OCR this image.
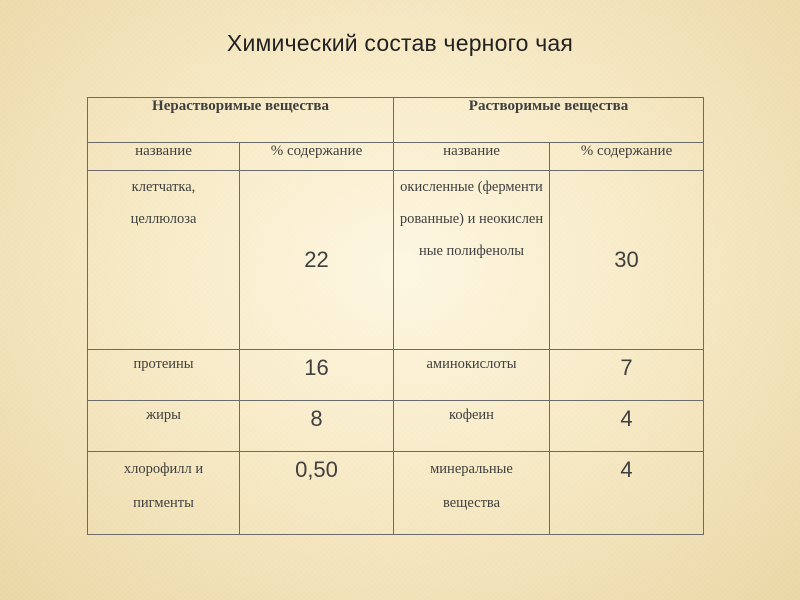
Химический состав черного чая
Нерастворимые вещества		Растворимые вещества	
название	% содержание	название	% содержание
клетчатка, целлюлоза	22	окисленные (ферментированные) и неокисленные полифенолы	30
протеины	16	аминокислоты	7
жиры	8	кофеин	4
хлорофилл и пигменты	0,50	минеральные вещества	4
